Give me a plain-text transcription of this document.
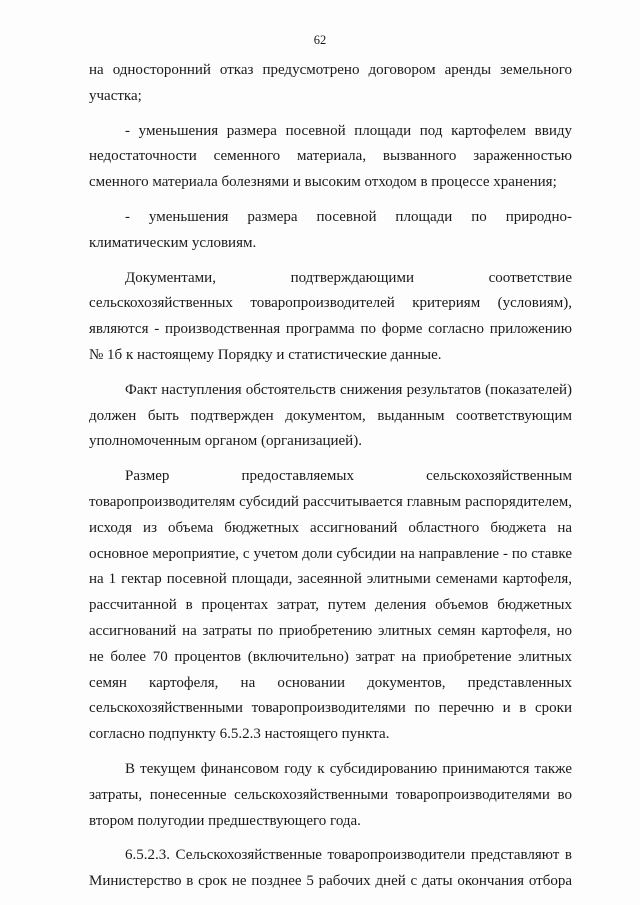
62

на односторонний отказ предусмотрено договором аренды земельного участка;

- уменьшения размера посевной площади под картофелем ввиду недостаточности семенного материала, вызванного зараженностью сменного материала болезнями и высоким отходом в процессе хранения;

- уменьшения размера посевной площади по природно-климатическим условиям.

Документами, подтверждающими соответствие сельскохозяйственных товаропроизводителей критериям (условиям), являются - производственная программа по форме согласно приложению № 1б к настоящему Порядку и статистические данные.

Факт наступления обстоятельств снижения результатов (показателей) должен быть подтвержден документом, выданным соответствующим уполномоченным органом (организацией).

Размер предоставляемых сельскохозяйственным товаропроизводителям субсидий рассчитывается главным распорядителем, исходя из объема бюджетных ассигнований областного бюджета на основное мероприятие, с учетом доли субсидии на направление - по ставке на 1 гектар посевной площади, засеянной элитными семенами картофеля, рассчитанной в процентах затрат, путем деления объемов бюджетных ассигнований на затраты по приобретению элитных семян картофеля, но не более 70 процентов (включительно) затрат на приобретение элитных семян картофеля, на основании документов, представленных сельскохозяйственными товаропроизводителями по перечню и в сроки согласно подпункту 6.5.2.3 настоящего пункта.

В текущем финансовом году к субсидированию принимаются также затраты, понесенные сельскохозяйственными товаропроизводителями во втором полугодии предшествующего года.

6.5.2.3. Сельскохозяйственные товаропроизводители представляют в Министерство в срок не позднее 5 рабочих дней с даты окончания отбора
